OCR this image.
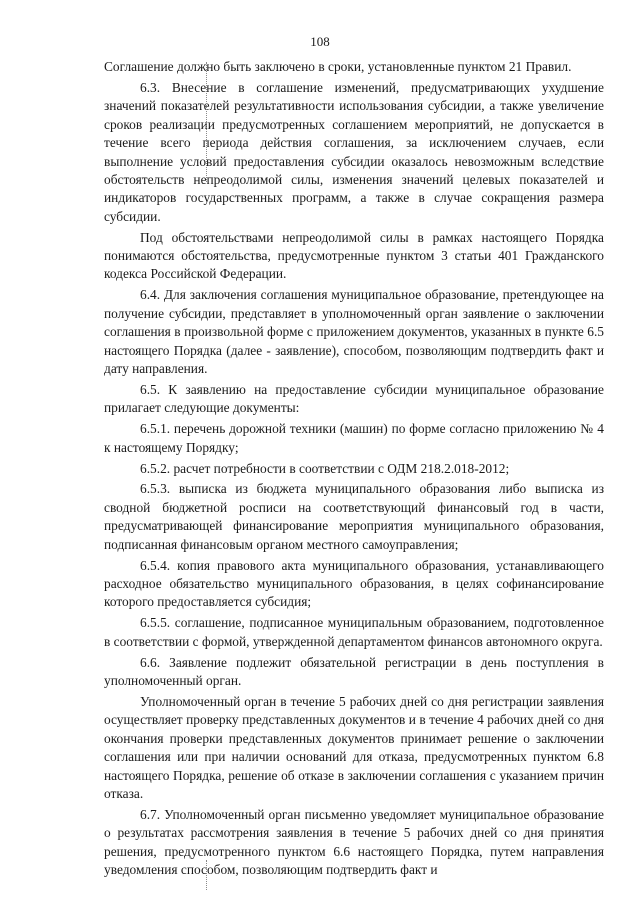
108

Соглашение должно быть заключено в сроки, установленные пунктом 21 Правил.

6.3. Внесение в соглашение изменений, предусматривающих ухудшение значений показателей результативности использования субсидии, а также увеличение сроков реализации предусмотренных соглашением мероприятий, не допускается в течение всего периода действия соглашения, за исключением случаев, если выполнение условий предоставления субсидии оказалось невозможным вследствие обстоятельств непреодолимой силы, изменения значений целевых показателей и индикаторов государственных программ, а также в случае сокращения размера субсидии.

Под обстоятельствами непреодолимой силы в рамках настоящего Порядка понимаются обстоятельства, предусмотренные пунктом 3 статьи 401 Гражданского кодекса Российской Федерации.

6.4. Для заключения соглашения муниципальное образование, претендующее на получение субсидии, представляет в уполномоченный орган заявление о заключении соглашения в произвольной форме с приложением документов, указанных в пункте 6.5 настоящего Порядка (далее - заявление), способом, позволяющим подтвердить факт и дату направления.

6.5. К заявлению на предоставление субсидии муниципальное образование прилагает следующие документы:

6.5.1. перечень дорожной техники (машин) по форме согласно приложению № 4 к настоящему Порядку;

6.5.2. расчет потребности в соответствии с ОДМ 218.2.018-2012;

6.5.3. выписка из бюджета муниципального образования либо выписка из сводной бюджетной росписи на соответствующий финансовый год в части, предусматривающей финансирование мероприятия муниципального образования, подписанная финансовым органом местного самоуправления;

6.5.4. копия правового акта муниципального образования, устанавливающего расходное обязательство муниципального образования, в целях софинансирование которого предоставляется субсидия;

6.5.5. соглашение, подписанное муниципальным образованием, подготовленное в соответствии с формой, утвержденной департаментом финансов автономного округа.

6.6. Заявление подлежит обязательной регистрации в день поступления в уполномоченный орган.

Уполномоченный орган в течение 5 рабочих дней со дня регистрации заявления осуществляет проверку представленных документов и в течение 4 рабочих дней со дня окончания проверки представленных документов принимает решение о заключении соглашения или при наличии оснований для отказа, предусмотренных пунктом 6.8 настоящего Порядка, решение об отказе в заключении соглашения с указанием причин отказа.

6.7. Уполномоченный орган письменно уведомляет муниципальное образование о результатах рассмотрения заявления в течение 5 рабочих дней со дня принятия решения, предусмотренного пунктом 6.6 настоящего Порядка, путем направления уведомления способом, позволяющим подтвердить факт и
